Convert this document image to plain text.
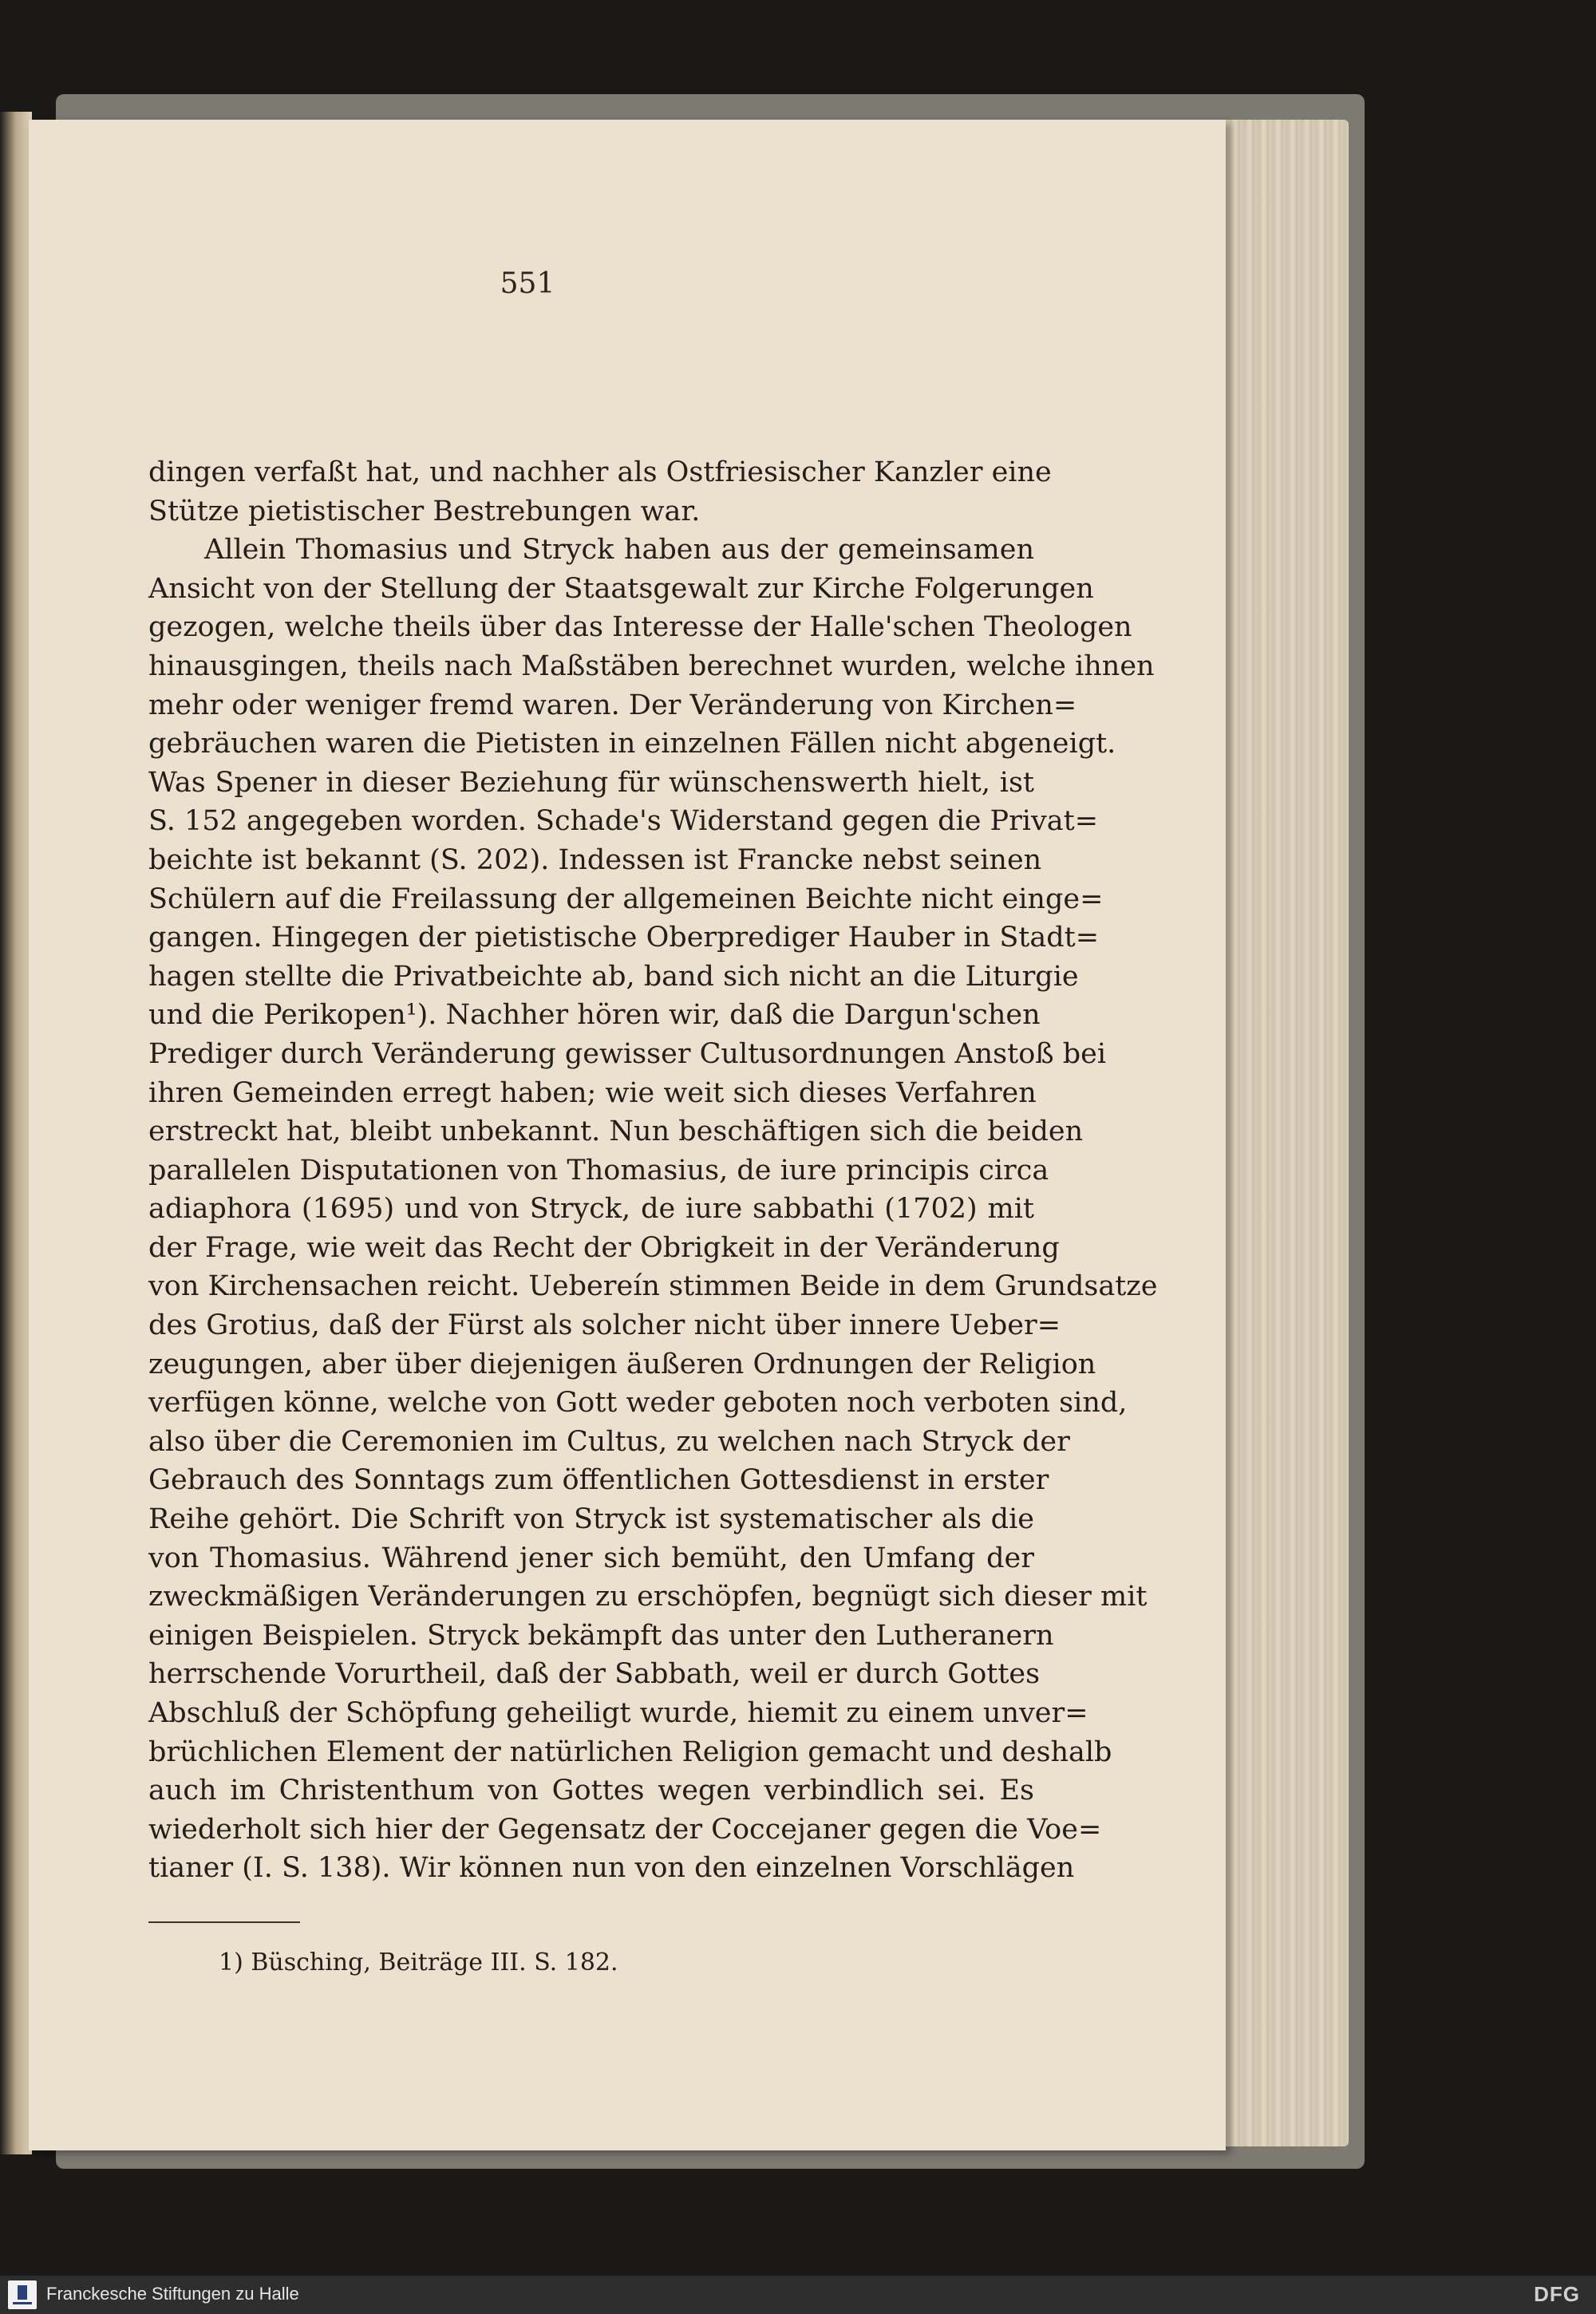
551
dingen verfaßt hat, und nachher als Ostfriesischer Kanzler eine
Stütze pietistischer Bestrebungen war.
Allein Thomasius und Stryck haben aus der gemeinsamen
Ansicht von der Stellung der Staatsgewalt zur Kirche Folgerungen
gezogen, welche theils über das Interesse der Halle'schen Theologen
hinausgingen, theils nach Maßstäben berechnet wurden, welche ihnen
mehr oder weniger fremd waren. Der Veränderung von Kirchen=
gebräuchen waren die Pietisten in einzelnen Fällen nicht abgeneigt.
Was Spener in dieser Beziehung für wünschenswerth hielt, ist
S. 152 angegeben worden. Schade's Widerstand gegen die Privat=
beichte ist bekannt (S. 202). Indessen ist Francke nebst seinen
Schülern auf die Freilassung der allgemeinen Beichte nicht einge=
gangen. Hingegen der pietistische Oberprediger Hauber in Stadt=
hagen stellte die Privatbeichte ab, band sich nicht an die Liturgie
und die Perikopen¹). Nachher hören wir, daß die Dargun'schen
Prediger durch Veränderung gewisser Cultusordnungen Anstoß bei
ihren Gemeinden erregt haben; wie weit sich dieses Verfahren
erstreckt hat, bleibt unbekannt. Nun beschäftigen sich die beiden
parallelen Disputationen von Thomasius, de iure principis circa
adiaphora (1695) und von Stryck, de iure sabbathi (1702) mit
der Frage, wie weit das Recht der Obrigkeit in der Veränderung
von Kirchensachen reicht. Uebereín stimmen Beide in dem Grundsatze
des Grotius, daß der Fürst als solcher nicht über innere Ueber=
zeugungen, aber über diejenigen äußeren Ordnungen der Religion
verfügen könne, welche von Gott weder geboten noch verboten sind,
also über die Ceremonien im Cultus, zu welchen nach Stryck der
Gebrauch des Sonntags zum öffentlichen Gottesdienst in erster
Reihe gehört. Die Schrift von Stryck ist systematischer als die
von Thomasius. Während jener sich bemüht, den Umfang der
zweckmäßigen Veränderungen zu erschöpfen, begnügt sich dieser mit
einigen Beispielen. Stryck bekämpft das unter den Lutheranern
herrschende Vorurtheil, daß der Sabbath, weil er durch Gottes
Abschluß der Schöpfung geheiligt wurde, hiemit zu einem unver=
brüchlichen Element der natürlichen Religion gemacht und deshalb
auch im Christenthum von Gottes wegen verbindlich sei. Es
wiederholt sich hier der Gegensatz der Coccejaner gegen die Voe=
tianer (I. S. 138). Wir können nun von den einzelnen Vorschlägen
1) Büsching, Beiträge III. S. 182.
Franckesche Stiftungen zu Halle	DFG
